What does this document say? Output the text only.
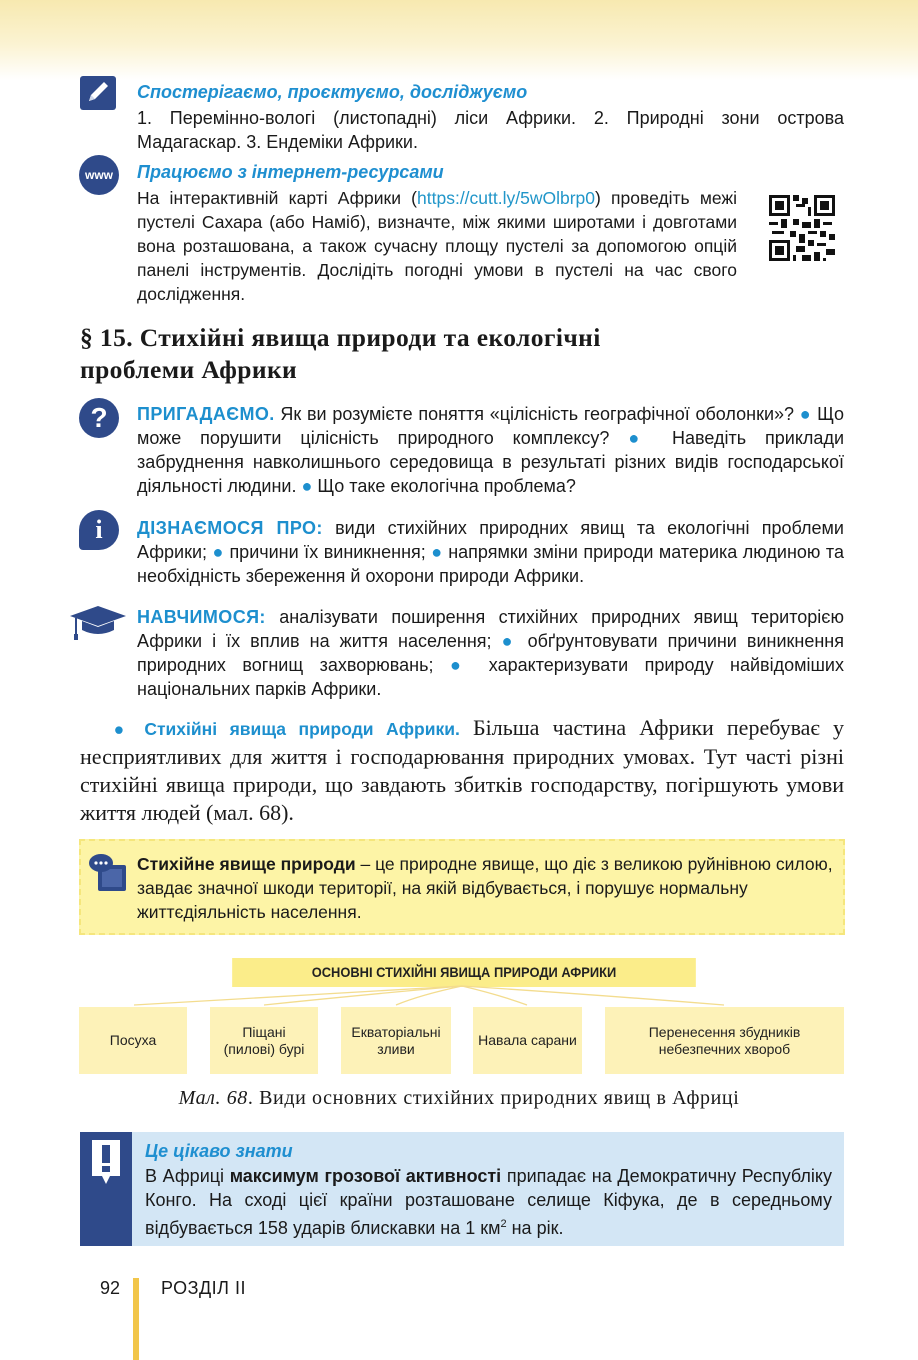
Спостерігаємо, проєктуємо, досліджуємо
1. Перемінно-вологі (листопадні) ліси Африки. 2. Природні зони острова Мадагаскар. 3. Ендеміки Африки.
www Працюємо з інтернет-ресурсами
На інтерактивній карті Африки (https://cutt.ly/5wOlbrp0) проведіть межі пустелі Сахара (або Наміб), визначте, між якими широтами і довготами вона розташована, а також сучасну площу пустелі за допомогою опцій панелі інструментів. Дослідіть погодні умови в пустелі на час свого дослідження.
§ 15. Стихійні явища природи та екологічні
проблеми Африки
?	ПРИГАДАЄМО. Як ви розумієте поняття «цілісність географічної оболонки»? ● Що може порушити цілісність природного комплексу? ● Наведіть приклади забруднення навколишнього середовища в результаті різних видів господарської діяльності людини. ● Що таке екологічна проблема?
i	ДІЗНАЄМОСЯ ПРО: види стихійних природних явищ та екологічні проблеми Африки; ● причини їх виникнення; ● напрямки зміни природи материка людиною та необхідність збереження й охорони природи Африки.
НАВЧИМОСЯ: аналізувати поширення стихійних природних явищ територією Африки і їх вплив на життя населення; ● обґрунтовувати причини виникнення природних вогнищ захворювань; ● характеризувати природу найвідоміших національних парків Африки.
● Стихійні явища природи Африки. Більша частина Африки перебуває у несприятливих для життя і господарювання природних умовах. Тут часті різні стихійні явища природи, що завдають збитків господарству, погіршують умови життя людей (мал. 68).
Стихійне явище природи – це природне явище, що діє з великою руйнівною силою, завдає значної шкоди території, на якій відбувається, і порушує нормальну життєдіяльність населення.
ОСНОВНІ СТИХІЙНІ ЯВИЩА ПРИРОДИ АФРИКИ
Посуха
Піщані (пилові) бурі
Екваторіальні зливи
Навала сарани
Перенесення збудників небезпечних хвороб
Мал. 68. Види основних стихійних природних явищ в Африці
Це цікаво знати
В Африці максимум грозової активності припадає на Демократичну Республіку Конго. На сході цієї країни розташоване селище Кіфука, де в середньому відбувається 158 ударів блискавки на 1 $км^2$ на рік.
92 РОЗДІЛ ІІ
